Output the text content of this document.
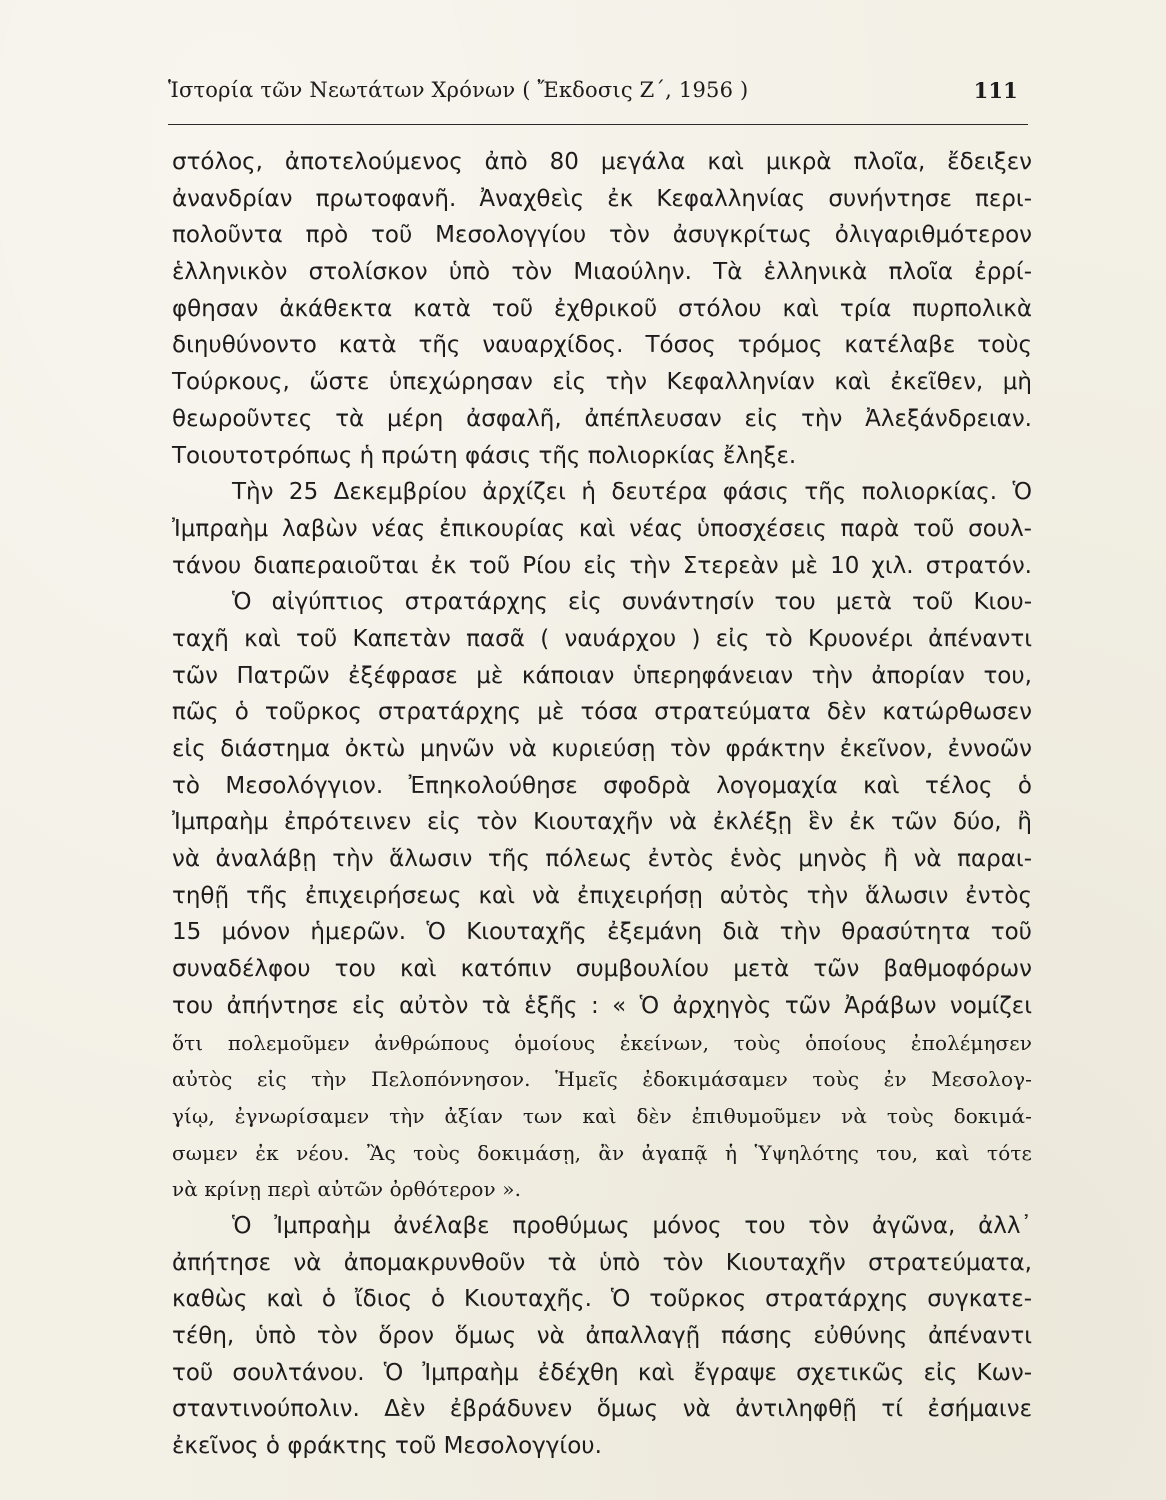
Ἱστορία τῶν Νεωτάτων Χρόνων ( Ἔκδοσις Ζ΄, 1956 )	111
στόλος, ἀποτελούμενος ἀπὸ 80 μεγάλα καὶ μικρὰ πλοῖα, ἔδειξεν
ἀνανδρίαν πρωτοφανῆ. Ἀναχθεὶς ἐκ Κεφαλληνίας συνήντησε περι-
πολοῦντα πρὸ τοῦ Μεσολογγίου τὸν ἀσυγκρίτως ὀλιγαριθμότερον
ἑλληνικὸν στολίσκον ὑπὸ τὸν Μιαούλην. Τὰ ἑλληνικὰ πλοῖα ἐρρί-
φθησαν ἀκάθεκτα κατὰ τοῦ ἐχθρικοῦ στόλου καὶ τρία πυρπολικὰ
διηυθύνοντο κατὰ τῆς ναυαρχίδος. Τόσος τρόμος κατέλαβε τοὺς
Τούρκους, ὥστε ὑπεχώρησαν εἰς τὴν Κεφαλληνίαν καὶ ἐκεῖθεν, μὴ
θεωροῦντες τὰ μέρη ἀσφαλῆ, ἀπέπλευσαν εἰς τὴν Ἀλεξάνδρειαν.
Τοιουτοτρόπως ἡ πρώτη φάσις τῆς πολιορκίας ἔληξε.
Τὴν 25 Δεκεμβρίου ἀρχίζει ἡ δευτέρα φάσις τῆς πολιορκίας. Ὁ
Ἰμπραὴμ λαβὼν νέας ἐπικουρίας καὶ νέας ὑποσχέσεις παρὰ τοῦ σουλ-
τάνου διαπεραιοῦται ἐκ τοῦ Ρίου εἰς τὴν Στερεὰν μὲ 10 χιλ. στρατόν.
Ὁ αἰγύπτιος στρατάρχης εἰς συνάντησίν του μετὰ τοῦ Κιου-
ταχῆ καὶ τοῦ Καπετὰν πασᾶ ( ναυάρχου ) εἰς τὸ Κρυονέρι ἀπέναντι
τῶν Πατρῶν ἐξέφρασε μὲ κάποιαν ὑπερηφάνειαν τὴν ἀπορίαν του,
πῶς ὁ τοῦρκος στρατάρχης μὲ τόσα στρατεύματα δὲν κατώρθωσεν
εἰς διάστημα ὀκτὼ μηνῶν νὰ κυριεύσῃ τὸν φράκτην ἐκεῖνον, ἐννοῶν
τὸ Μεσολόγγιον. Ἐπηκολούθησε σφοδρὰ λογομαχία καὶ τέλος ὁ
Ἰμπραὴμ ἐπρότεινεν εἰς τὸν Κιουταχῆν νὰ ἐκλέξῃ ἓν ἐκ τῶν δύο, ἢ
νὰ ἀναλάβῃ τὴν ἅλωσιν τῆς πόλεως ἐντὸς ἑνὸς μηνὸς ἢ νὰ παραι-
τηθῇ τῆς ἐπιχειρήσεως καὶ νὰ ἐπιχειρήσῃ αὐτὸς τὴν ἅλωσιν ἐντὸς
15 μόνον ἡμερῶν. Ὁ Κιουταχῆς ἐξεμάνη διὰ τὴν θρασύτητα τοῦ
συναδέλφου του καὶ κατόπιν συμβουλίου μετὰ τῶν βαθμοφόρων
του ἀπήντησε εἰς αὐτὸν τὰ ἑξῆς : « Ὁ ἀρχηγὸς τῶν Ἀράβων νομίζει
ὅτι πολεμοῦμεν ἀνθρώπους ὁμοίους ἐκείνων, τοὺς ὁποίους ἐπολέμησεν
αὐτὸς εἰς τὴν Πελοπόννησον. Ἡμεῖς ἐδοκιμάσαμεν τοὺς ἐν Μεσολογ-
γίῳ, ἐγνωρίσαμεν τὴν ἀξίαν των καὶ δὲν ἐπιθυμοῦμεν νὰ τοὺς δοκιμά-
σωμεν ἐκ νέου. Ἂς τοὺς δοκιμάσῃ, ἂν ἀγαπᾷ ἡ Ὑψηλότης του, καὶ τότε
νὰ κρίνῃ περὶ αὐτῶν ὀρθότερον ».
Ὁ Ἰμπραὴμ ἀνέλαβε προθύμως μόνος του τὸν ἀγῶνα, ἀλλ᾿
ἀπήτησε νὰ ἀπομακρυνθοῦν τὰ ὑπὸ τὸν Κιουταχῆν στρατεύματα,
καθὼς καὶ ὁ ἴδιος ὁ Κιουταχῆς. Ὁ τοῦρκος στρατάρχης συγκατε-
τέθη, ὑπὸ τὸν ὅρον ὅμως νὰ ἀπαλλαγῇ πάσης εὐθύνης ἀπέναντι
τοῦ σουλτάνου. Ὁ Ἰμπραὴμ ἐδέχθη καὶ ἔγραψε σχετικῶς εἰς Κων-
σταντινούπολιν. Δὲν ἐβράδυνεν ὅμως νὰ ἀντιληφθῇ τί ἐσήμαινε
ἐκεῖνος ὁ φράκτης τοῦ Μεσολογγίου.
